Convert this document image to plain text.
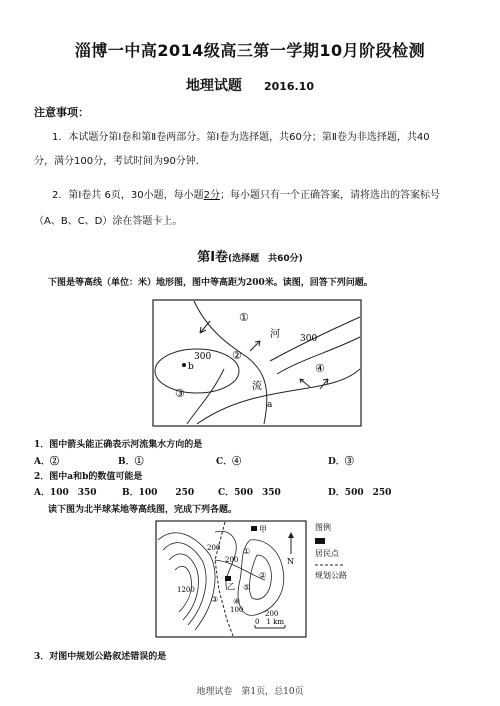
淄博一中高2014级高三第一学期10月阶段检测
地理试题 2016.10
注意事项：
1．本试题分第Ⅰ卷和第Ⅱ卷两部分。第Ⅰ卷为选择题，共60分；第Ⅱ卷为非选择题，共40
分，满分100分，考试时间为90分钟.
2．第Ⅰ卷共 6页，30小题，每小题2分；每小题只有一个正确答案，请将选出的答案标号
（A、B、C、D）涂在答题卡上。
第Ⅰ卷(选择题　共60分)
下图是等高线（单位：米）地形图，图中等高距为200米。读图，回答下列问题。
①
②
③
④
河
流
300
300
a
b
1．图中箭头能正确表示河流集水方向的是
A．②	B．①	C．④	D．③
2．图中a和b的数值可能是
A．100　350	B．100　　250	C．500　350	D．500　250
读下图为北半球某地等高线图，完成下列各题。
甲
乙
200
200
200
100
1200
①
②
③ ④
⑤
0　1 km
N
图例
居民点
规划公路
3．对图中规划公路叙述错误的是
地理试卷　第1页，总10页
